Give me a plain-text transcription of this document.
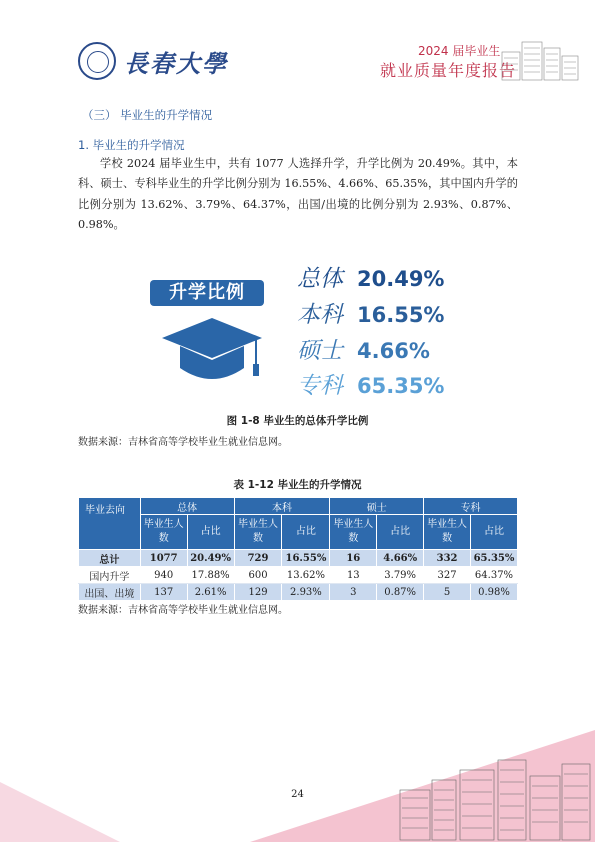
長春大學	2024 届毕业生
就业质量年度报告
（三） 毕业生的升学情况
1. 毕业生的升学情况
学校 2024 届毕业生中，共有 1077 人选择升学，升学比例为 20.49%。其中，本科、硕士、专科毕业生的升学比例分别为 16.55%、4.66%、65.35%，其中国内升学的比例分别为 13.62%、3.79%、64.37%，出国/出境的比例分别为 2.93%、0.87%、0.98%。
升学比例
总体 20.49%
本科 16.55%
硕士 4.66%
专科 65.35%
图 1-8 毕业生的总体升学比例
数据来源：吉林省高等学校毕业生就业信息网。
表 1-12 毕业生的升学情况
毕业去向	总体		本科		硕士		专科	
	毕业生人数	占比	毕业生人数	占比	毕业生人数	占比	毕业生人数	占比
总计	1077	20.49%	729	16.55%	16	4.66%	332	65.35%
国内升学	940	17.88%	600	13.62%	13	3.79%	327	64.37%
出国、出境	137	2.61%	129	2.93%	3	0.87%	5	0.98%
数据来源：吉林省高等学校毕业生就业信息网。
24
